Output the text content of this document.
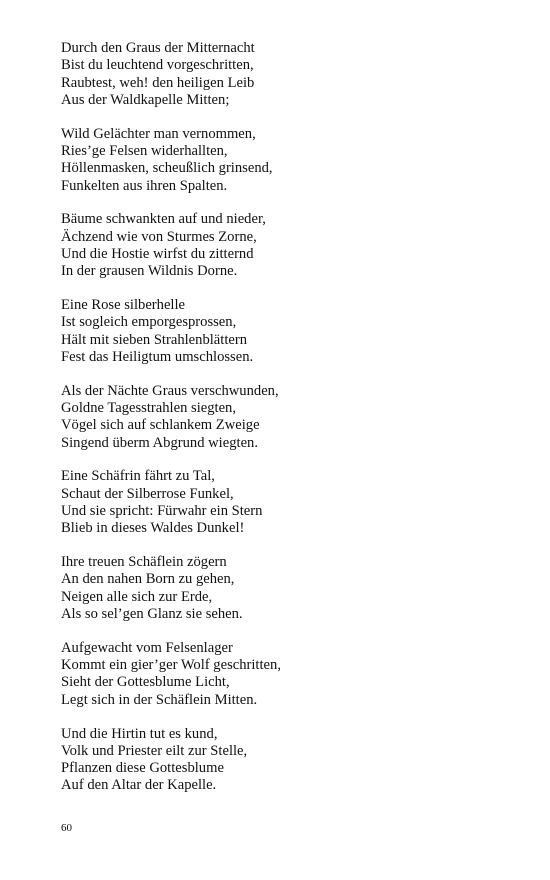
Durch den Graus der Mitternacht
Bist du leuchtend vorgeschritten,
Raubtest, weh! den heiligen Leib
Aus der Waldkapelle Mitten;
Wild Gelächter man vernommen,
Ries’ge Felsen widerhallten,
Höllenmasken, scheußlich grinsend,
Funkelten aus ihren Spalten.
Bäume schwankten auf und nieder,
Ächzend wie von Sturmes Zorne,
Und die Hostie wirfst du zitternd
In der grausen Wildnis Dorne.
Eine Rose silberhelle
Ist sogleich emporgesprossen,
Hält mit sieben Strahlenblättern
Fest das Heiligtum umschlossen.
Als der Nächte Graus verschwunden,
Goldne Tagesstrahlen siegten,
Vögel sich auf schlankem Zweige
Singend überm Abgrund wiegten.
Eine Schäfrin fährt zu Tal,
Schaut der Silberrose Funkel,
Und sie spricht: Fürwahr ein Stern
Blieb in dieses Waldes Dunkel!
Ihre treuen Schäflein zögern
An den nahen Born zu gehen,
Neigen alle sich zur Erde,
Als so sel’gen Glanz sie sehen.
Aufgewacht vom Felsenlager
Kommt ein gier’ger Wolf geschritten,
Sieht der Gottesblume Licht,
Legt sich in der Schäflein Mitten.
Und die Hirtin tut es kund,
Volk und Priester eilt zur Stelle,
Pflanzen diese Gottesblume
Auf den Altar der Kapelle.
60
